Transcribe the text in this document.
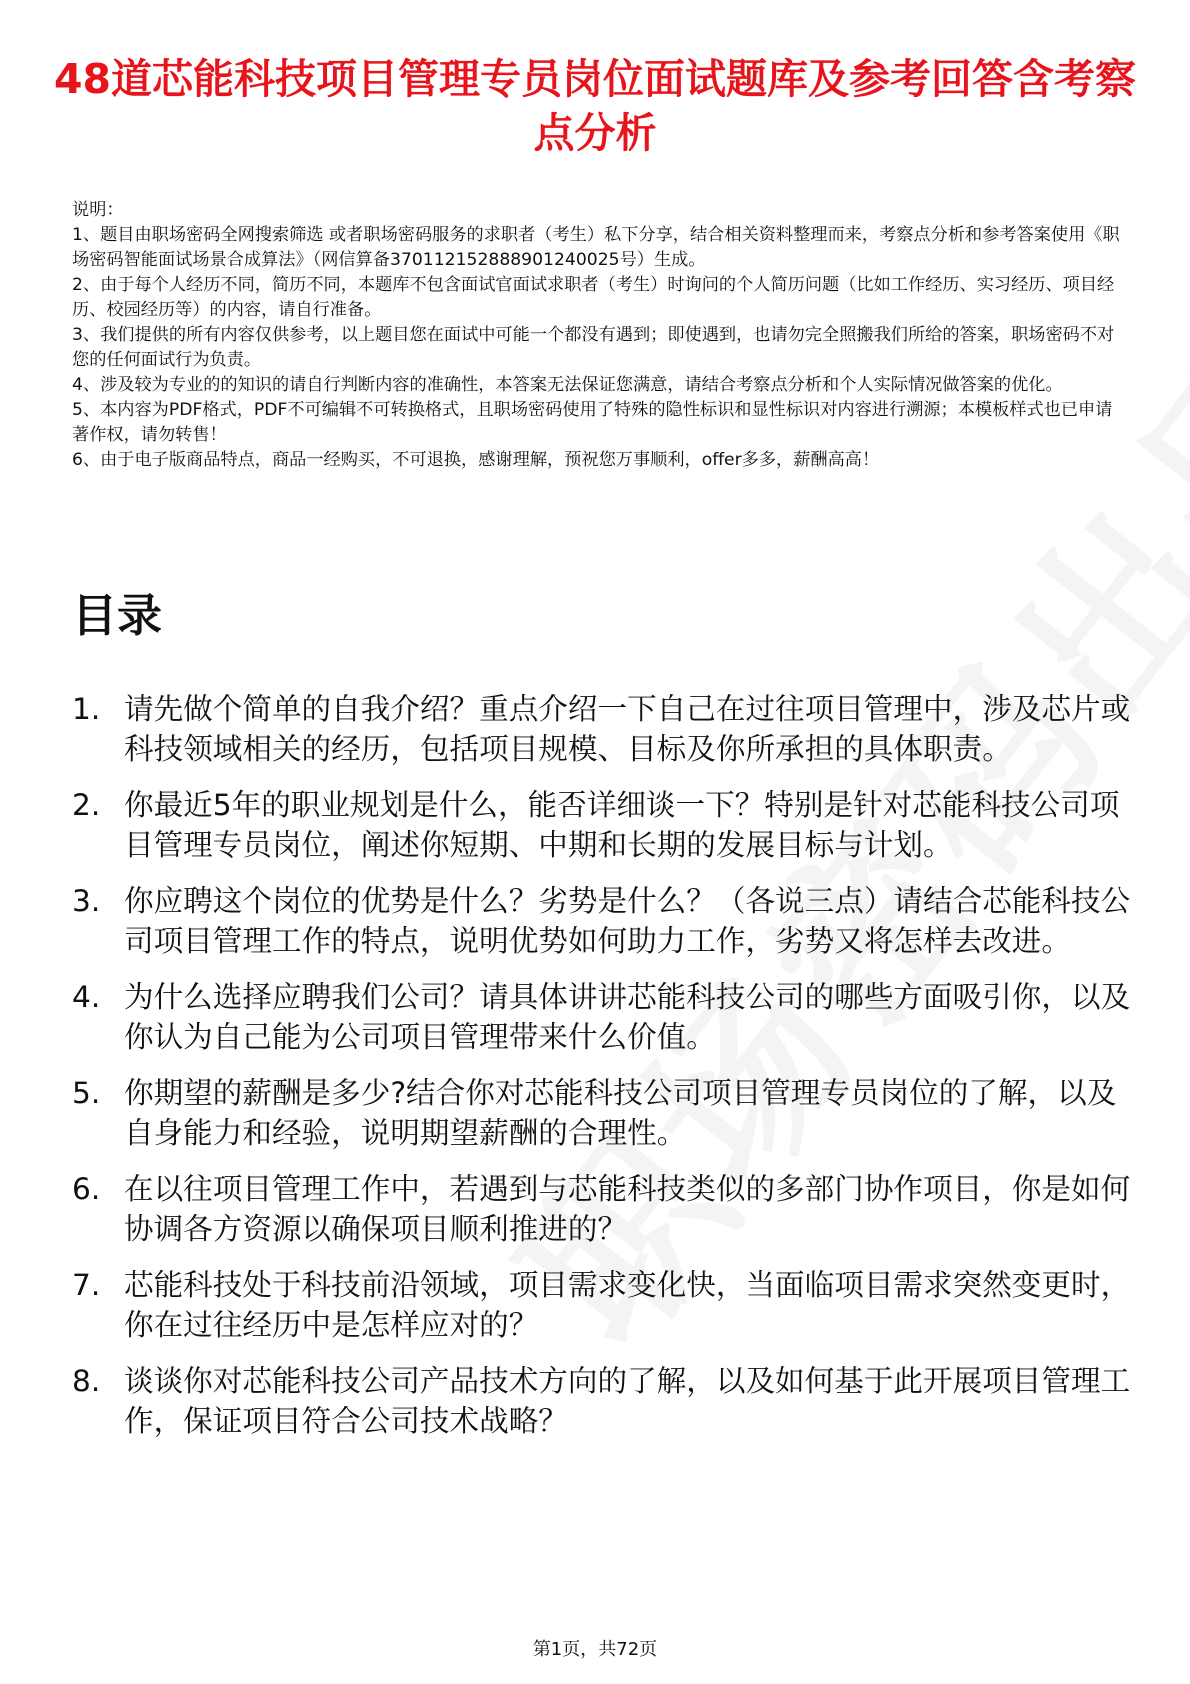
48道芯能科技项目管理专员岗位面试题库及参考回答含考察点分析
说明：
1、题目由职场密码全网搜索筛选 或者职场密码服务的求职者（考生）私下分享，结合相关资料整理而来，考察点分析和参考答案使用《职场密码智能面试场景合成算法》（网信算备370112152888901240025号）生成。
2、由于每个人经历不同，简历不同，本题库不包含面试官面试求职者（考生）时询问的个人简历问题（比如工作经历、实习经历、项目经历、校园经历等）的内容，请自行准备。
3、我们提供的所有内容仅供参考，以上题目您在面试中可能一个都没有遇到；即使遇到，也请勿完全照搬我们所给的答案，职场密码不对您的任何面试行为负责。
4、涉及较为专业的的知识的请自行判断内容的准确性，本答案无法保证您满意，请结合考察点分析和个人实际情况做答案的优化。
5、本内容为PDF格式，PDF不可编辑不可转换格式，且职场密码使用了特殊的隐性标识和显性标识对内容进行溯源；本模板样式也已申请著作权，请勿转售！
6、由于电子版商品特点，商品一经购买，不可退换，感谢理解，预祝您万事顺利，offer多多，薪酬高高！
目录
1. 请先做个简单的自我介绍？重点介绍一下自己在过往项目管理中，涉及芯片或科技领域相关的经历，包括项目规模、目标及你所承担的具体职责。
2. 你最近5年的职业规划是什么，能否详细谈一下？特别是针对芯能科技公司项目管理专员岗位，阐述你短期、中期和长期的发展目标与计划。
3. 你应聘这个岗位的优势是什么？劣势是什么？（各说三点）请结合芯能科技公司项目管理工作的特点，说明优势如何助力工作，劣势又将怎样去改进。
4. 为什么选择应聘我们公司？请具体讲讲芯能科技公司的哪些方面吸引你，以及你认为自己能为公司项目管理带来什么价值。
5. 你期望的薪酬是多少?结合你对芯能科技公司项目管理专员岗位的了解，以及自身能力和经验，说明期望薪酬的合理性。
6. 在以往项目管理工作中，若遇到与芯能科技类似的多部门协作项目，你是如何协调各方资源以确保项目顺利推进的？
7. 芯能科技处于科技前沿领域，项目需求变化快，当面临项目需求突然变更时，你在过往经历中是怎样应对的？
8. 谈谈你对芯能科技公司产品技术方向的了解，以及如何基于此开展项目管理工作，保证项目符合公司技术战略？
第1页，共72页
